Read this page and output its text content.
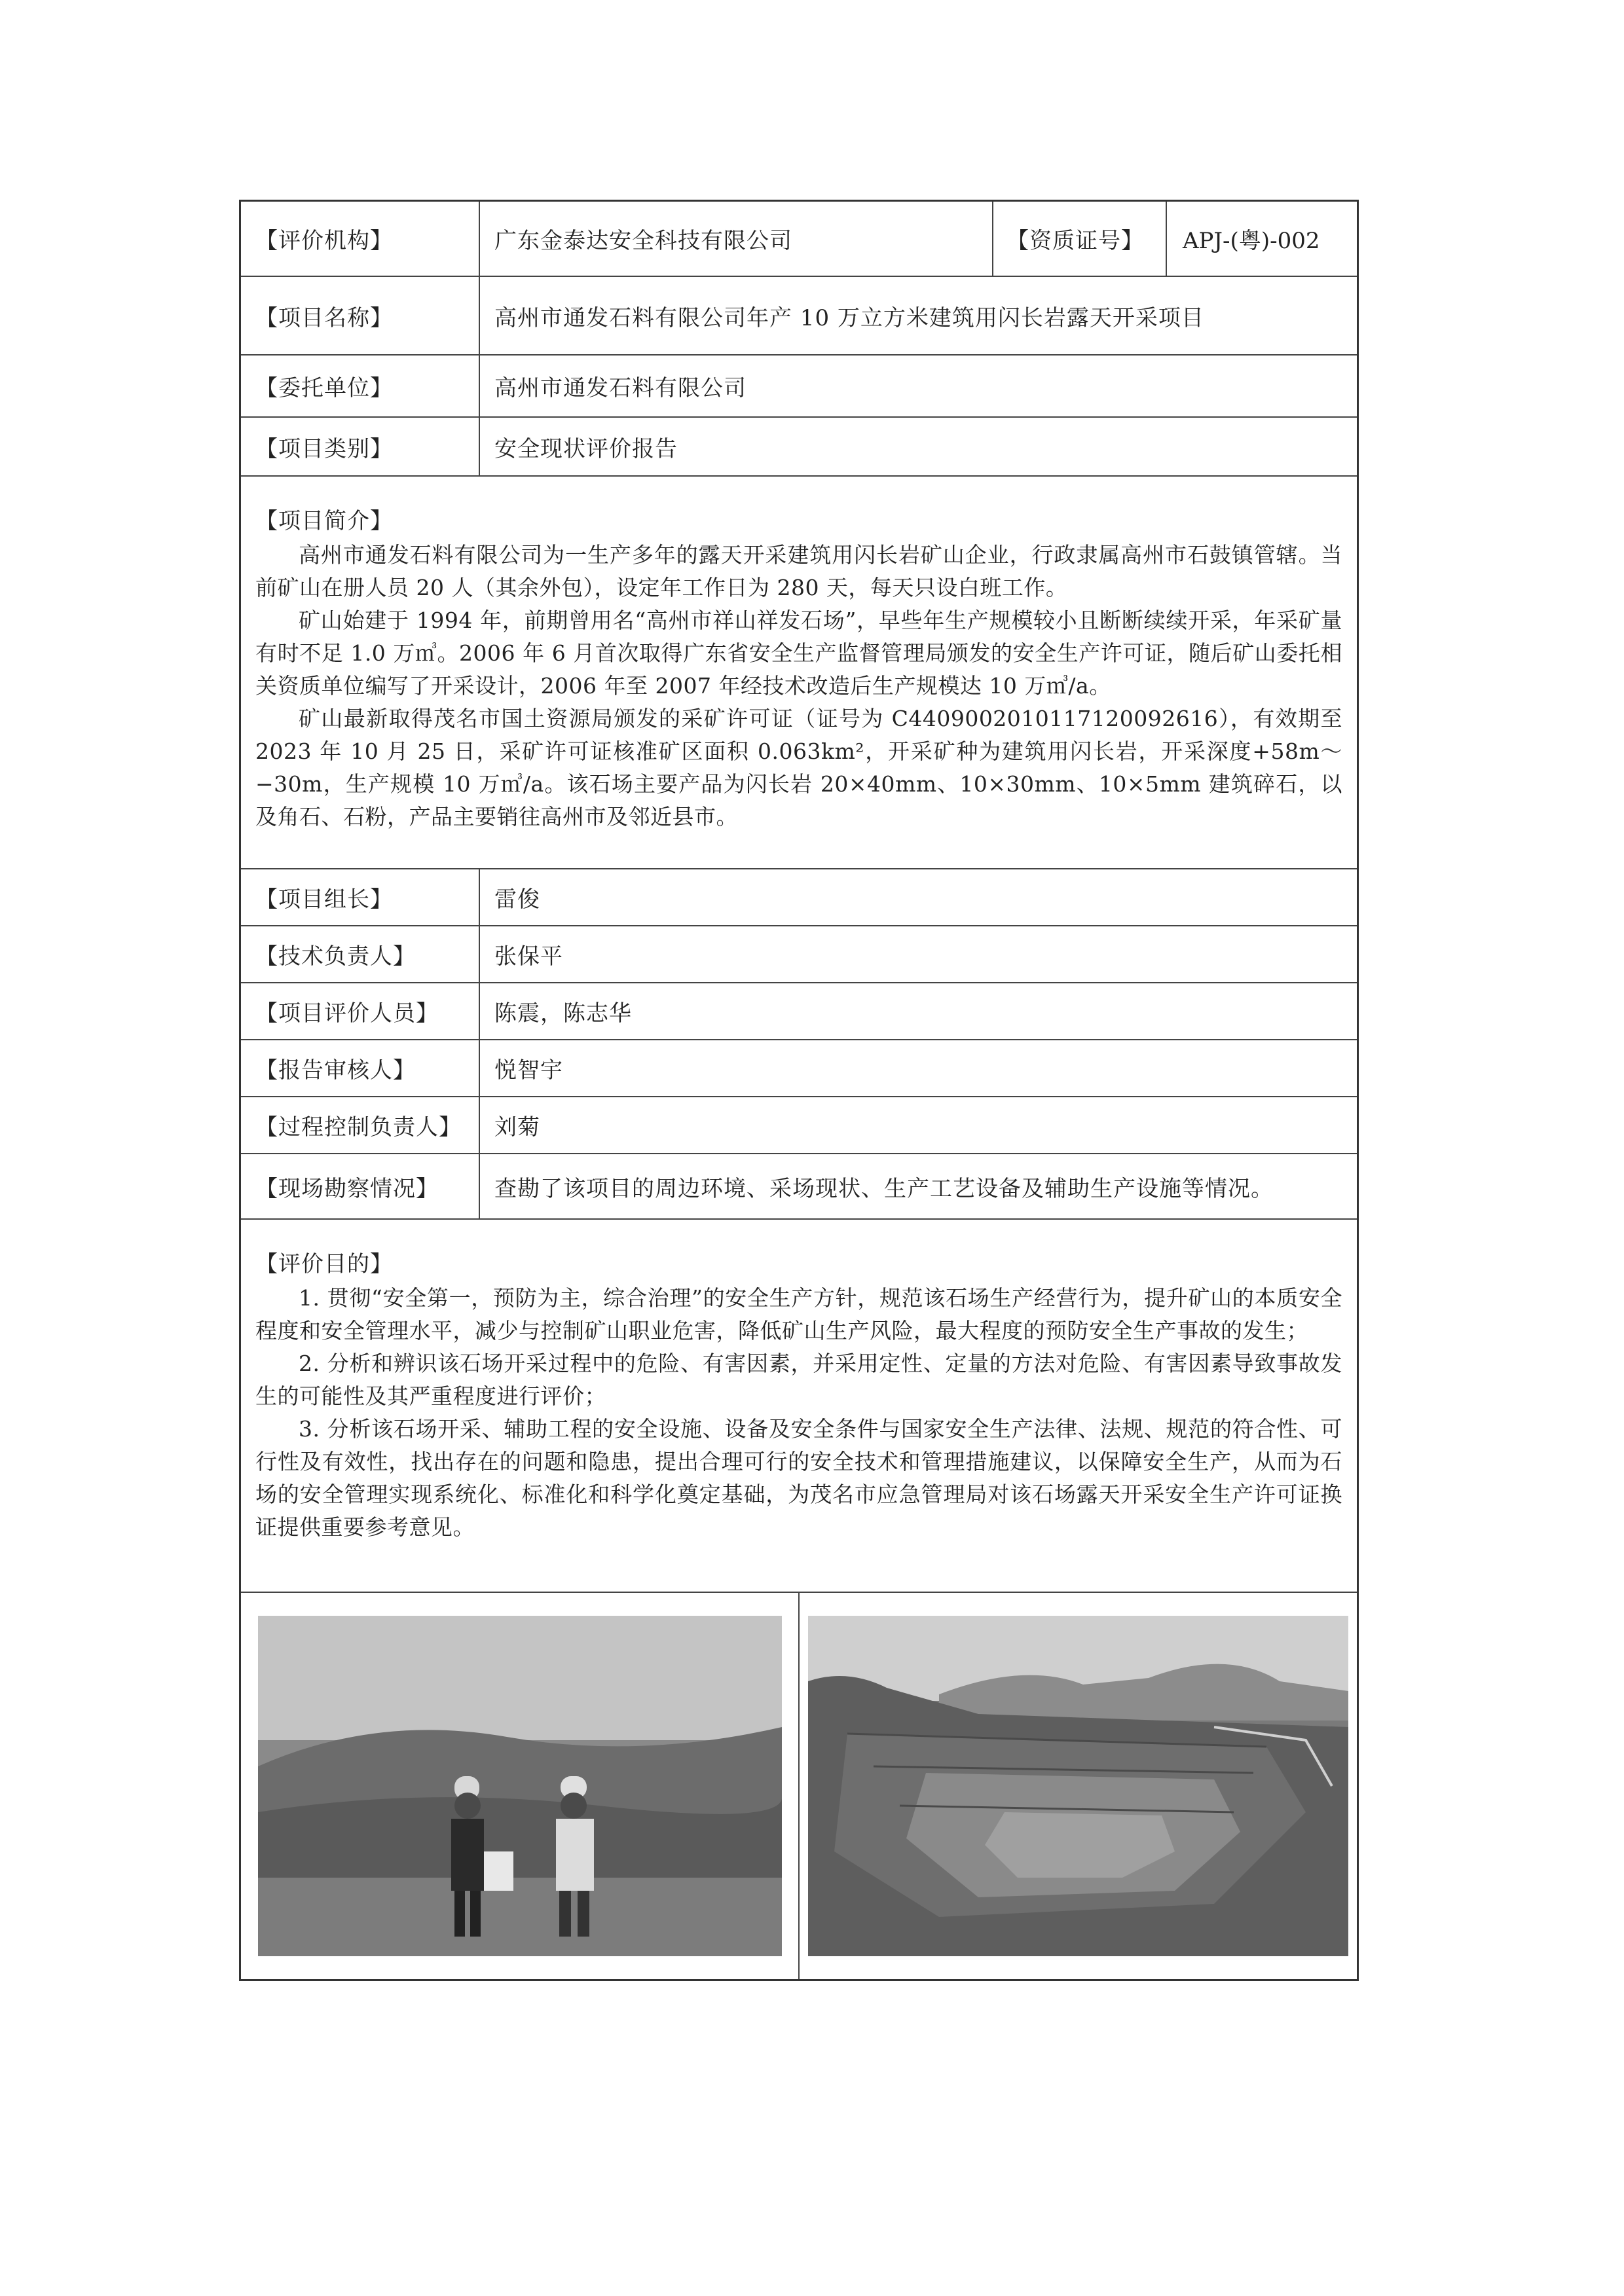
【评价机构】	广东金泰达安全科技有限公司	【资质证号】	APJ-(粤)-002
【项目名称】	高州市通发石料有限公司年产 10 万立方米建筑用闪长岩露天开采项目
【委托单位】	高州市通发石料有限公司
【项目类别】	安全现状评价报告
【项目简介】

高州市通发石料有限公司为一生产多年的露天开采建筑用闪长岩矿山企业，行政隶属高州市石鼓镇管辖。当前矿山在册人员 20 人（其余外包），设定年工作日为 280 天，每天只设白班工作。

矿山始建于 1994 年，前期曾用名“高州市祥山祥发石场”，早些年生产规模较小且断断续续开采，年采矿量有时不足 1.0 万㎥。2006 年 6 月首次取得广东省安全生产监督管理局颁发的安全生产许可证，随后矿山委托相关资质单位编写了开采设计，2006 年至 2007 年经技术改造后生产规模达 10 万㎥/a。

矿山最新取得茂名市国土资源局颁发的采矿许可证（证号为 C4409002010117120092616），有效期至 2023 年 10 月 25 日，采矿许可证核准矿区面积 0.063km²，开采矿种为建筑用闪长岩，开采深度+58m～−30m，生产规模 10 万㎥/a。该石场主要产品为闪长岩 20×40mm、10×30mm、10×5mm 建筑碎石，以及角石、石粉，产品主要销往高州市及邻近县市。

【项目组长】	雷俊
【技术负责人】	张保平
【项目评价人员】	陈震，陈志华
【报告审核人】	悦智宇
【过程控制负责人】	刘菊
【现场勘察情况】	查勘了该项目的周边环境、采场现状、生产工艺设备及辅助生产设施等情况。
【评价目的】

1. 贯彻“安全第一，预防为主，综合治理”的安全生产方针，规范该石场生产经营行为，提升矿山的本质安全程度和安全管理水平，减少与控制矿山职业危害，降低矿山生产风险，最大程度的预防安全生产事故的发生；

2. 分析和辨识该石场开采过程中的危险、有害因素，并采用定性、定量的方法对危险、有害因素导致事故发生的可能性及其严重程度进行评价；

3. 分析该石场开采、辅助工程的安全设施、设备及安全条件与国家安全生产法律、法规、规范的符合性、可行性及有效性，找出存在的问题和隐患，提出合理可行的安全技术和管理措施建议，以保障安全生产，从而为石场的安全管理实现系统化、标准化和科学化奠定基础，为茂名市应急管理局对该石场露天开采安全生产许可证换证提供重要参考意见。
